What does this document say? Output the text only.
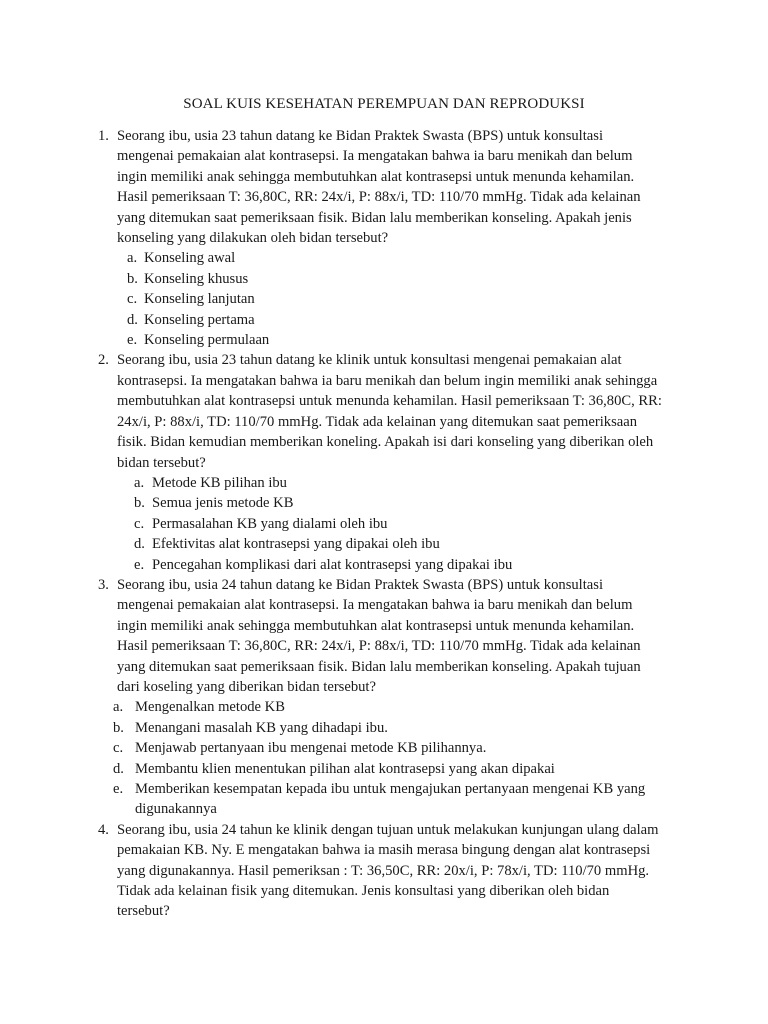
SOAL KUIS KESEHATAN PEREMPUAN DAN REPRODUKSI
1. Seorang ibu, usia 23 tahun datang ke Bidan Praktek Swasta (BPS) untuk konsultasi mengenai pemakaian alat kontrasepsi. Ia mengatakan bahwa ia baru menikah dan belum ingin memiliki anak sehingga membutuhkan alat kontrasepsi untuk menunda kehamilan. Hasil pemeriksaan T: 36,80C, RR: 24x/i, P: 88x/i, TD: 110/70 mmHg. Tidak ada kelainan yang ditemukan saat pemeriksaan fisik. Bidan lalu memberikan konseling. Apakah jenis konseling yang dilakukan oleh bidan tersebut?
a. Konseling awal
b. Konseling khusus
c. Konseling lanjutan
d. Konseling pertama
e. Konseling permulaan
2. Seorang ibu, usia 23 tahun datang ke klinik untuk konsultasi mengenai pemakaian alat kontrasepsi. Ia mengatakan bahwa ia baru menikah dan belum ingin memiliki anak sehingga membutuhkan alat kontrasepsi untuk menunda kehamilan. Hasil pemeriksaan T: 36,80C, RR: 24x/i, P: 88x/i, TD: 110/70 mmHg. Tidak ada kelainan yang ditemukan saat pemeriksaan fisik. Bidan kemudian memberikan koneling. Apakah isi dari konseling yang diberikan oleh bidan tersebut?
a. Metode KB pilihan ibu
b. Semua jenis metode KB
c. Permasalahan KB yang dialami oleh ibu
d. Efektivitas alat kontrasepsi yang dipakai oleh ibu
e. Pencegahan komplikasi dari alat kontrasepsi yang dipakai ibu
3. Seorang ibu, usia 24 tahun datang ke Bidan Praktek Swasta (BPS) untuk konsultasi mengenai pemakaian alat kontrasepsi. Ia mengatakan bahwa ia baru menikah dan belum ingin memiliki anak sehingga membutuhkan alat kontrasepsi untuk menunda kehamilan. Hasil pemeriksaan T: 36,80C, RR: 24x/i, P: 88x/i, TD: 110/70 mmHg. Tidak ada kelainan yang ditemukan saat pemeriksaan fisik. Bidan lalu memberikan konseling. Apakah tujuan dari koseling yang diberikan bidan tersebut?
a. Mengenalkan metode KB
b. Menangani masalah KB yang dihadapi ibu.
c. Menjawab pertanyaan ibu mengenai metode KB pilihannya.
d. Membantu klien menentukan pilihan alat kontrasepsi yang akan dipakai
e. Memberikan kesempatan kepada ibu untuk mengajukan pertanyaan mengenai KB yang digunakannya
4. Seorang ibu, usia 24 tahun ke klinik dengan tujuan untuk melakukan kunjungan ulang dalam pemakaian KB. Ny. E mengatakan bahwa ia masih merasa bingung dengan alat kontrasepsi yang digunakannya. Hasil pemeriksan : T: 36,50C, RR: 20x/i, P: 78x/i, TD: 110/70 mmHg. Tidak ada kelainan fisik yang ditemukan. Jenis konsultasi yang diberikan oleh bidan tersebut?
